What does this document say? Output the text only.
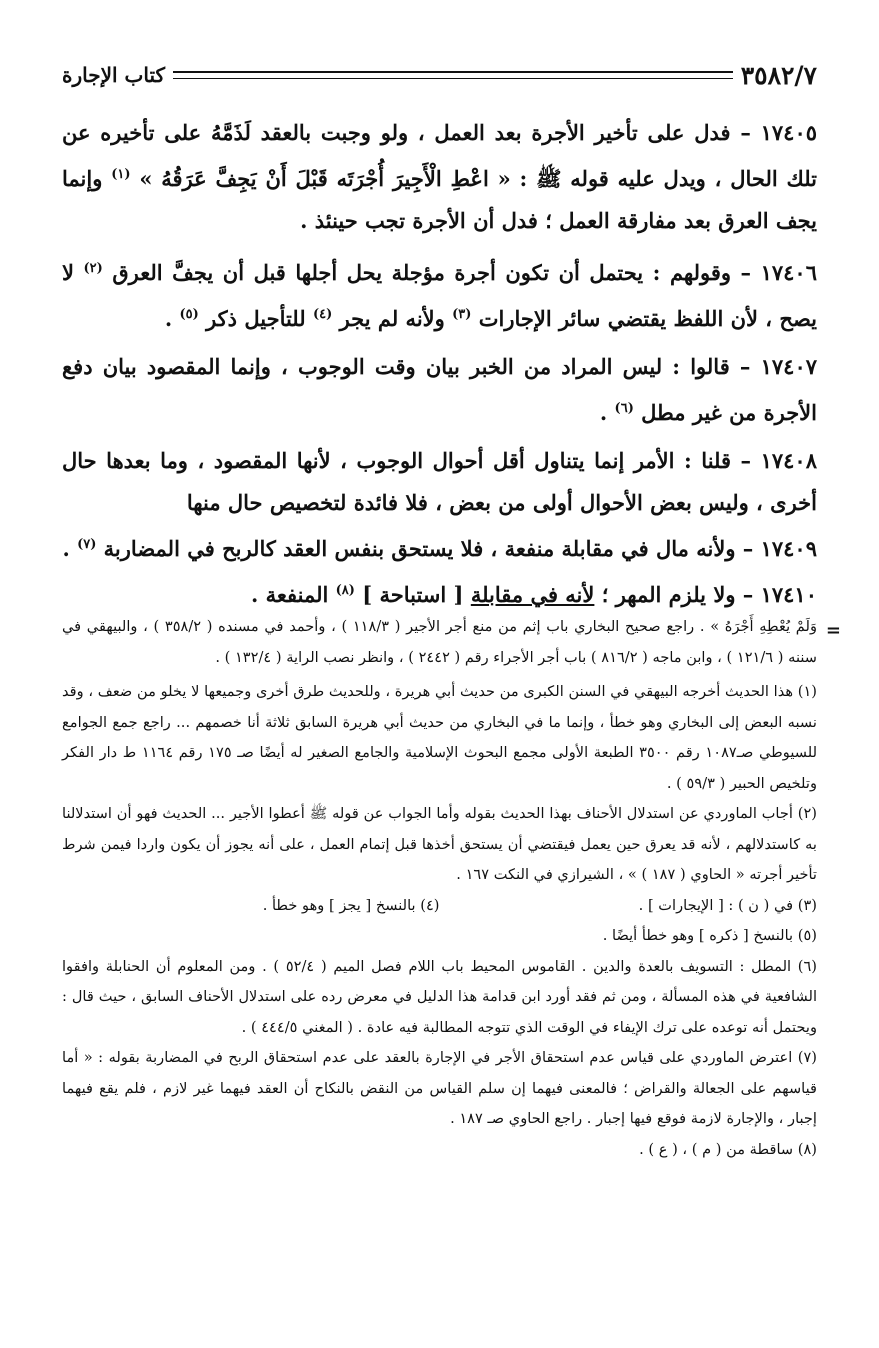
٣٥٨٢/٧
كتاب الإجارة

١٧٤٠٥ – فدل على تأخير الأجرة بعد العمل ، ولو وجبت بالعقد لَذَمَّهُ على تأخيره عن تلك الحال ، ويدل عليه قوله ﷺ : « اعْطِ الْأَجِيرَ أُجْرَتَه قَبْلَ أَنْ يَجِفَّ عَرَقُهُ » $^{(١)}$ وإنما يجف العرق بعد مفارقة العمل ؛ فدل أن الأجرة تجب حينئذ .

١٧٤٠٦ – وقولهم : يحتمل أن تكون أجرة مؤجلة يحل أجلها قبل أن يجفَّ العرق $^{(٢)}$ لا يصح ، لأن اللفظ يقتضي سائر الإجارات $^{(٣)}$ ولأنه لم يجر $^{(٤)}$ للتأجيل ذكر $^{(٥)}$ .

١٧٤٠٧ – قالوا : ليس المراد من الخبر بيان وقت الوجوب ، وإنما المقصود بيان دفع الأجرة من غير مطل $^{(٦)}$ .

١٧٤٠٨ – قلنا : الأمر إنما يتناول أقل أحوال الوجوب ، لأنها المقصود ، وما بعدها حال أخرى ، وليس بعض الأحوال أولى من بعض ، فلا فائدة لتخصيص حال منها

١٧٤٠٩ – ولأنه مال في مقابلة منفعة ، فلا يستحق بنفس العقد كالربح في المضاربة $^{(٧)}$ .

١٧٤١٠ – ولا يلزم المهر ؛ لأنه في مقابلة [ استباحة ] $^{(٨)}$ المنفعة .

=

وَلَمْ يُعْطِهِ أَجْرَهُ » . راجع صحيح البخاري باب إثم من منع أجر الأجير ( ١١٨/٣ ) ، وأحمد في مسنده ( ٣٥٨/٢ ) ، والبيهقي في سننه ( ١٢١/٦ ) ، وابن ماجه ( ٨١٦/٢ ) باب أجر الأجراء رقم ( ٢٤٤٢ ) ، وانظر نصب الراية ( ١٣٢/٤ ) .

(١) هذا الحديث أخرجه البيهقي في السنن الكبرى من حديث أبي هريرة ، وللحديث طرق أخرى وجميعها لا يخلو من ضعف ، وقد نسبه البعض إلى البخاري وهو خطأ ، وإنما ما في البخاري من حديث أبي هريرة السابق ثلاثة أنا خصمهم ... راجع جمع الجوامع للسيوطي صـ١٠٨٧ رقم ٣٥٠٠ الطبعة الأولى مجمع البحوث الإسلامية والجامع الصغير له أيضًا صـ ١٧٥ رقم ١١٦٤ ط دار الفكر وتلخيص الحبير ( ٥٩/٣ ) .

(٢) أجاب الماوردي عن استدلال الأحناف بهذا الحديث بقوله وأما الجواب عن قوله ﷺ أعطوا الأجير ... الحديث فهو أن استدلالنا به كاستدلالهم ، لأنه قد يعرق حين يعمل فيقتضي أن يستحق أخذها قبل إتمام العمل ، على أنه يجوز أن يكون واردا فيمن شرط تأخير أجرته « الحاوي ( ١٨٧ ) » ، الشيرازي في النكت ١٦٧ .

(٣) في ( ن ) : [ الإيجارات ] .

(٤) بالنسخ [ يجز ] وهو خطأ .

(٥) بالنسخ [ ذكره ] وهو خطأ أيضًا .

(٦) المطل : التسويف بالعدة والدين . القاموس المحيط باب اللام فصل الميم ( ٥٢/٤ ) . ومن المعلوم أن الحنابلة وافقوا الشافعية في هذه المسألة ، ومن ثم فقد أورد ابن قدامة هذا الدليل في معرض رده على استدلال الأحناف السابق ، حيث قال : ويحتمل أنه توعده على ترك الإيفاء في الوقت الذي تتوجه المطالبة فيه عادة . ( المغني ٤٤٤/٥ ) .

(٧) اعترض الماوردي على قياس عدم استحقاق الأجر في الإجارة بالعقد على عدم استحقاق الربح في المضاربة بقوله : « أما قياسهم على الجعالة والقراض ؛ فالمعنى فيهما إن سلم القياس من النقض بالنكاح أن العقد فيهما غير لازم ، فلم يقع فيهما إجبار ، والإجارة لازمة فوقع فيها إجبار . راجع الحاوي صـ ١٨٧ .

(٨) ساقطة من ( م ) ، ( ع ) .
